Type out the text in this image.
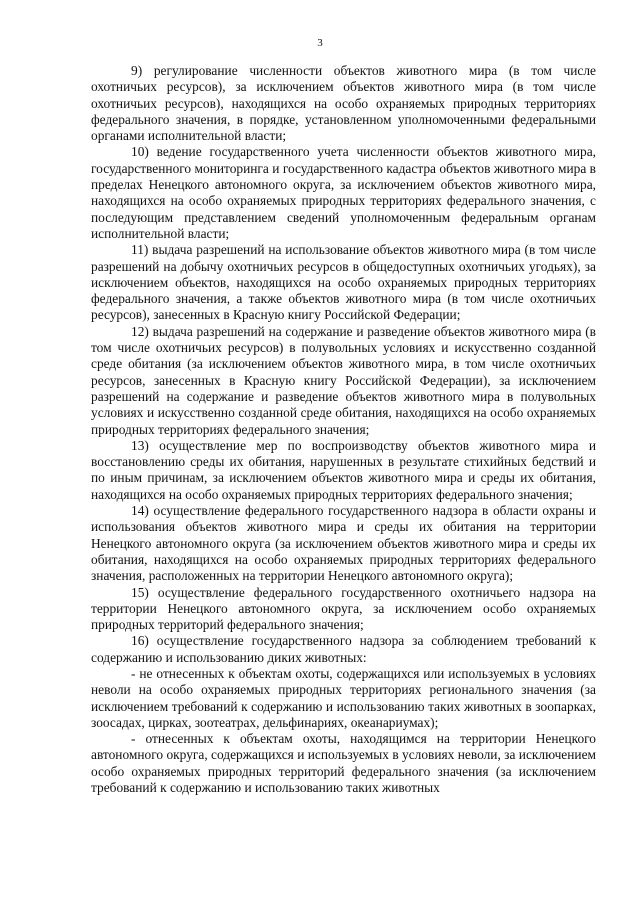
3

9) регулирование численности объектов животного мира (в том числе охотничьих ресурсов), за исключением объектов животного мира (в том числе охотничьих ресурсов), находящихся на особо охраняемых природных территориях федерального значения, в порядке, установленном уполномоченными федеральными органами исполнительной власти;

10) ведение государственного учета численности объектов животного мира, государственного мониторинга и государственного кадастра объектов животного мира в пределах Ненецкого автономного округа, за исключением объектов животного мира, находящихся на особо охраняемых природных территориях федерального значения, с последующим представлением сведений уполномоченным федеральным органам исполнительной власти;

11) выдача разрешений на использование объектов животного мира (в том числе разрешений на добычу охотничьих ресурсов в общедоступных охотничьих угодьях), за исключением объектов, находящихся на особо охраняемых природных территориях федерального значения, а также объектов животного мира (в том числе охотничьих ресурсов), занесенных в Красную книгу Российской Федерации;

12) выдача разрешений на содержание и разведение объектов животного мира (в том числе охотничьих ресурсов) в полувольных условиях и искусственно созданной среде обитания (за исключением объектов животного мира, в том числе охотничьих ресурсов, занесенных в Красную книгу Российской Федерации), за исключением разрешений на содержание и разведение объектов животного мира в полувольных условиях и искусственно созданной среде обитания, находящихся на особо охраняемых природных территориях федерального значения;

13) осуществление мер по воспроизводству объектов животного мира и восстановлению среды их обитания, нарушенных в результате стихийных бедствий и по иным причинам, за исключением объектов животного мира и среды их обитания, находящихся на особо охраняемых природных территориях федерального значения;

14) осуществление федерального государственного надзора в области охраны и использования объектов животного мира и среды их обитания на территории Ненецкого автономного округа (за исключением объектов животного мира и среды их обитания, находящихся на особо охраняемых природных территориях федерального значения, расположенных на территории Ненецкого автономного округа);

15) осуществление федерального государственного охотничьего надзора на территории Ненецкого автономного округа, за исключением особо охраняемых природных территорий федерального значения;

16) осуществление государственного надзора за соблюдением требований к содержанию и использованию диких животных:

- не отнесенных к объектам охоты, содержащихся или используемых в условиях неволи на особо охраняемых природных территориях регионального значения (за исключением требований к содержанию и использованию таких животных в зоопарках, зоосадах, цирках, зоотеатрах, дельфинариях, океанариумах);

- отнесенных к объектам охоты, находящимся на территории Ненецкого автономного округа, содержащихся и используемых в условиях неволи, за исключением особо охраняемых природных территорий федерального значения (за исключением требований к содержанию и использованию таких животных
